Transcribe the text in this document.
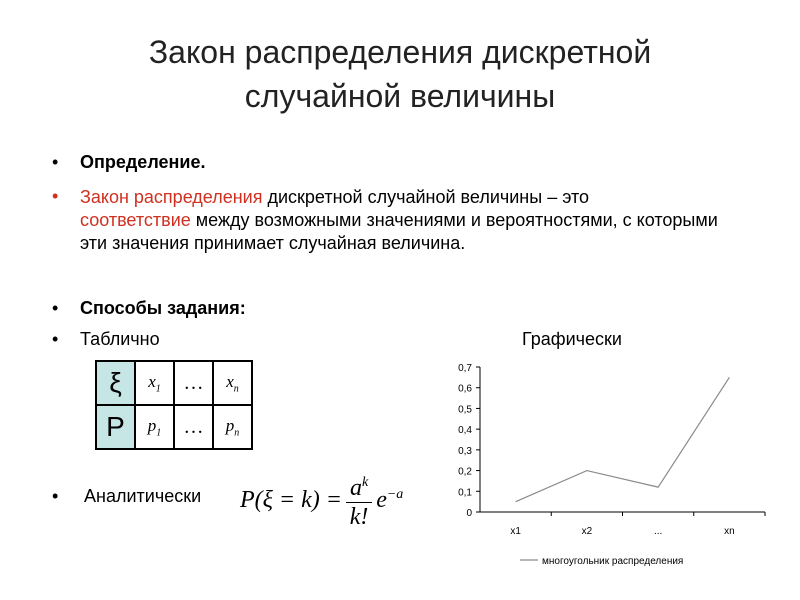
Закон распределения дискретной
случайной величины
• Определение.
• Закон распределения дискретной случайной величины – это
соответствие между возможными значениями и вероятностями, с которыми эти значения принимает случайная величина.
• Способы задания:
• Таблично	Графически
ξ	$x_1$	…	$x_n$
P	$p_1$	…	$p_n$
• Аналитически $P(\xi = k) = \frac{a^k}{k!} e^{-a}$
0
0,1
0,2
0,3
0,4
0,5
0,6
0,7
x1	x2	...	xn
многоугольник распределения
